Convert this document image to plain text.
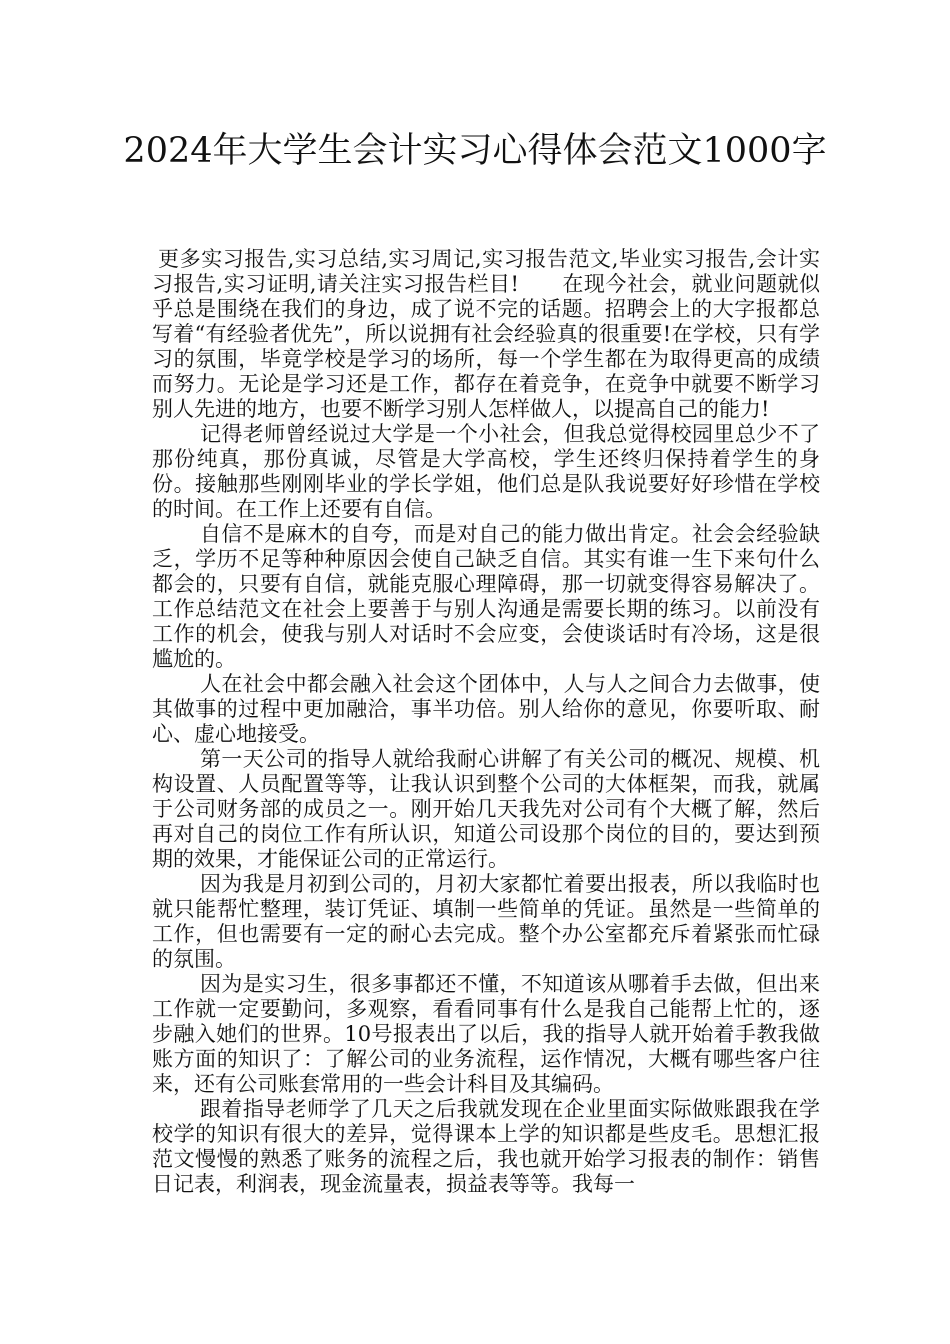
2024年大学生会计实习心得体会范文1000字

更多实习报告,实习总结,实习周记,实习报告范文,毕业实习报告,会计实习报告,实习证明,请关注实习报告栏目!　　在现今社会，就业问题就似乎总是围绕在我们的身边，成了说不完的话题。招聘会上的大字报都总写着“有经验者优先”，所以说拥有社会经验真的很重要!在学校，只有学习的氛围，毕竟学校是学习的场所，每一个学生都在为取得更高的成绩而努力。无论是学习还是工作，都存在着竞争，在竞争中就要不断学习别人先进的地方，也要不断学习别人怎样做人，以提高自己的能力!

记得老师曾经说过大学是一个小社会，但我总觉得校园里总少不了那份纯真，那份真诚，尽管是大学高校，学生还终归保持着学生的身份。接触那些刚刚毕业的学长学姐，他们总是队我说要好好珍惜在学校的时间。在工作上还要有自信。

自信不是麻木的自夸，而是对自己的能力做出肯定。社会会经验缺乏，学历不足等种种原因会使自己缺乏自信。其实有谁一生下来句什么都会的，只要有自信，就能克服心理障碍，那一切就变得容易解决了。工作总结范文在社会上要善于与别人沟通是需要长期的练习。以前没有工作的机会，使我与别人对话时不会应变，会使谈话时有冷场，这是很尴尬的。

人在社会中都会融入社会这个团体中，人与人之间合力去做事，使其做事的过程中更加融洽，事半功倍。别人给你的意见，你要听取、耐心、虚心地接受。

第一天公司的指导人就给我耐心讲解了有关公司的概况、规模、机构设置、人员配置等等，让我认识到整个公司的大体框架，而我，就属于公司财务部的成员之一。刚开始几天我先对公司有个大概了解，然后再对自己的岗位工作有所认识，知道公司设那个岗位的目的，要达到预期的效果，才能保证公司的正常运行。

因为我是月初到公司的，月初大家都忙着要出报表，所以我临时也就只能帮忙整理，装订凭证、填制一些简单的凭证。虽然是一些简单的工作，但也需要有一定的耐心去完成。整个办公室都充斥着紧张而忙碌的氛围。

因为是实习生，很多事都还不懂，不知道该从哪着手去做，但出来工作就一定要勤问，多观察，看看同事有什么是我自己能帮上忙的，逐步融入她们的世界。10号报表出了以后，我的指导人就开始着手教我做账方面的知识了：了解公司的业务流程，运作情况，大概有哪些客户往来，还有公司账套常用的一些会计科目及其编码。

跟着指导老师学了几天之后我就发现在企业里面实际做账跟我在学校学的知识有很大的差异，觉得课本上学的知识都是些皮毛。思想汇报范文慢慢的熟悉了账务的流程之后，我也就开始学习报表的制作：销售日记表，利润表，现金流量表，损益表等等。我每一
